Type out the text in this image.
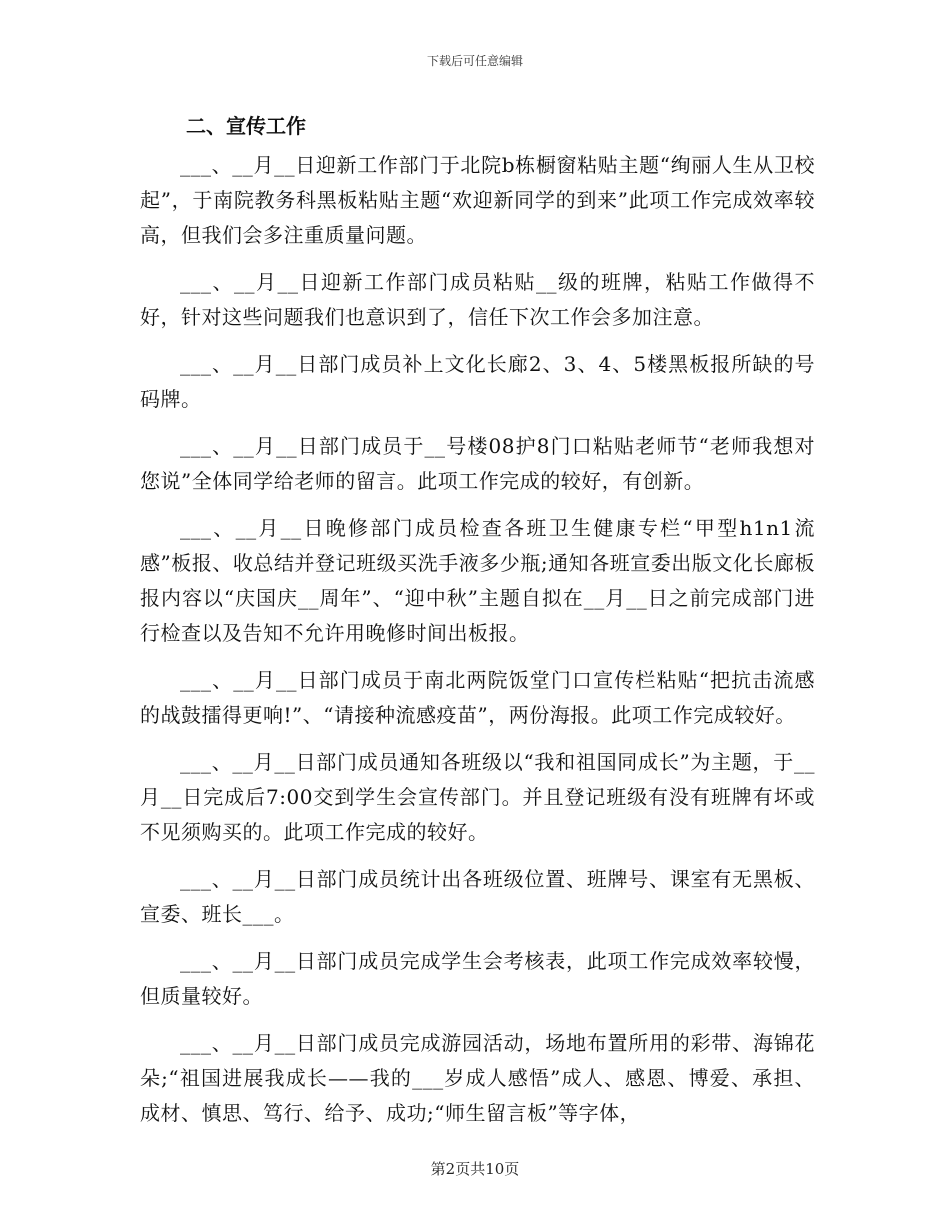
下载后可任意编辑
二、宣传工作

___、__月__日迎新工作部门于北院b栋橱窗粘贴主题“绚丽人生从卫校起”，于南院教务科黑板粘贴主题“欢迎新同学的到来”此项工作完成效率较高，但我们会多注重质量问题。

___、__月__日迎新工作部门成员粘贴__级的班牌，粘贴工作做得不好，针对这些问题我们也意识到了，信任下次工作会多加注意。

___、__月__日部门成员补上文化长廊2、3、4、5楼黑板报所缺的号码牌。

___、__月__日部门成员于__号楼08护8门口粘贴老师节“老师我想对您说”全体同学给老师的留言。此项工作完成的较好，有创新。

___、__月__日晚修部门成员检查各班卫生健康专栏“甲型h1n1流感”板报、收总结并登记班级买洗手液多少瓶;通知各班宣委出版文化长廊板报内容以“庆国庆__周年”、“迎中秋”主题自拟在__月__日之前完成部门进行检查以及告知不允许用晚修时间出板报。

___、__月__日部门成员于南北两院饭堂门口宣传栏粘贴“把抗击流感的战鼓擂得更响!”、“请接种流感疫苗”，两份海报。此项工作完成较好。

___、__月__日部门成员通知各班级以“我和祖国同成长”为主题，于__月__日完成后7:00交到学生会宣传部门。并且登记班级有没有班牌有坏或不见须购买的。此项工作完成的较好。

___、__月__日部门成员统计出各班级位置、班牌号、课室有无黑板、宣委、班长___。

___、__月__日部门成员完成学生会考核表，此项工作完成效率较慢，但质量较好。

___、__月__日部门成员完成游园活动，场地布置所用的彩带、海锦花朵;“祖国进展我成长——我的___岁成人感悟”成人、感恩、博爱、承担、成材、慎思、笃行、给予、成功;“师生留言板”等字体，

第2页共10页
